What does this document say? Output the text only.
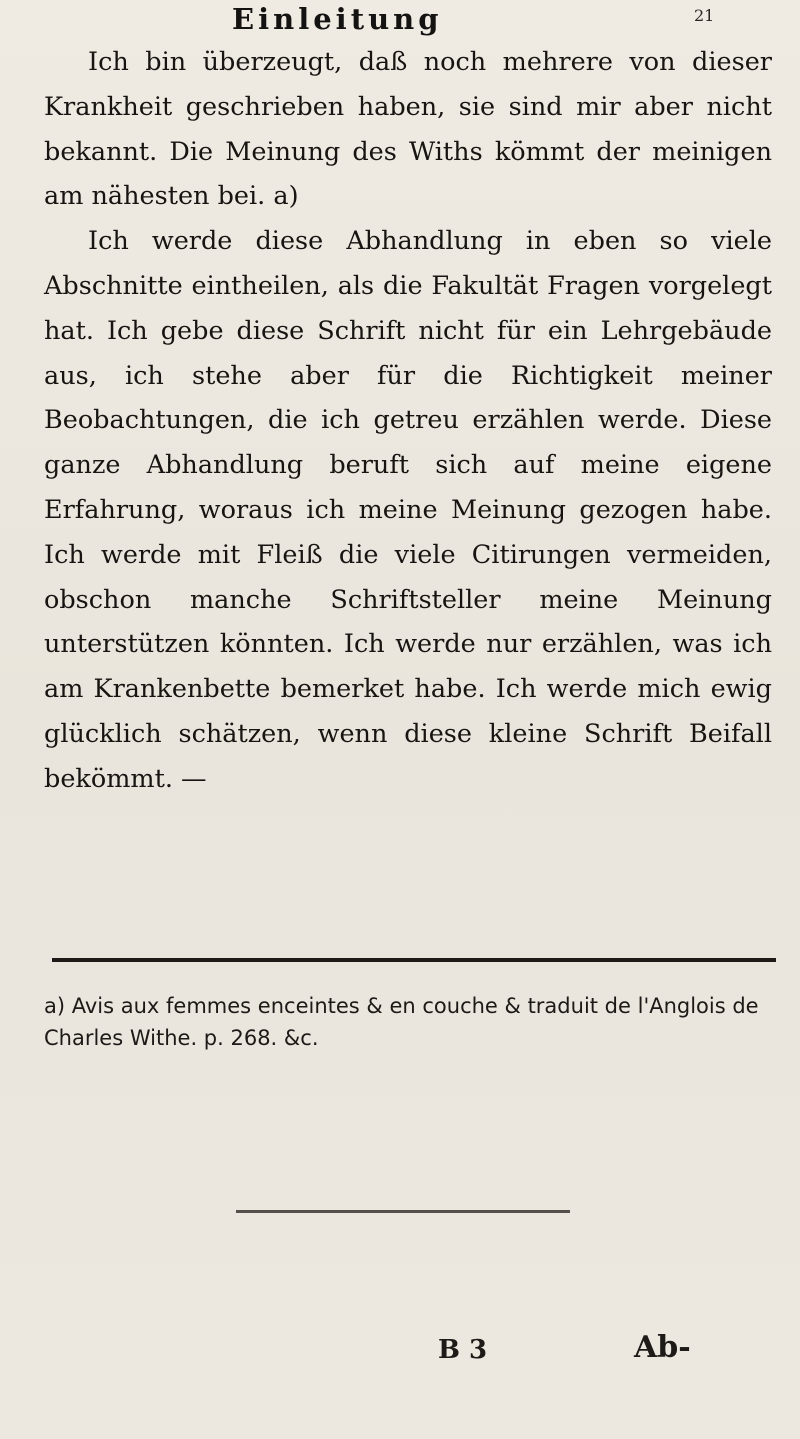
Einleitung	21

Ich bin überzeugt, daß noch mehrere von dieser Krankheit geschrieben haben, sie sind mir aber nicht bekannt. Die Meinung des Withs kömmt der meinigen am nähesten bei. a)

Ich werde diese Abhandlung in eben so viele Abschnitte eintheilen, als die Fakultät Fragen vorgelegt hat. Ich gebe diese Schrift nicht für ein Lehrgebäude aus, ich stehe aber für die Richtigkeit meiner Beobachtungen, die ich getreu erzählen werde. Diese ganze Abhandlung beruft sich auf meine eigene Erfahrung, woraus ich meine Meinung gezogen habe. Ich werde mit Fleiß die viele Citirungen vermeiden, obschon manche Schriftsteller meine Meinung unterstützen könnten. Ich werde nur erzählen, was ich am Krankenbette bemerket habe. Ich werde mich ewig glücklich schätzen, wenn diese kleine Schrift Beifall bekömmt. —

a) Avis aux femmes enceintes & en couche & traduit de l'Anglois de Charles Withe. p. 268. &c.

B 3	Ab-
